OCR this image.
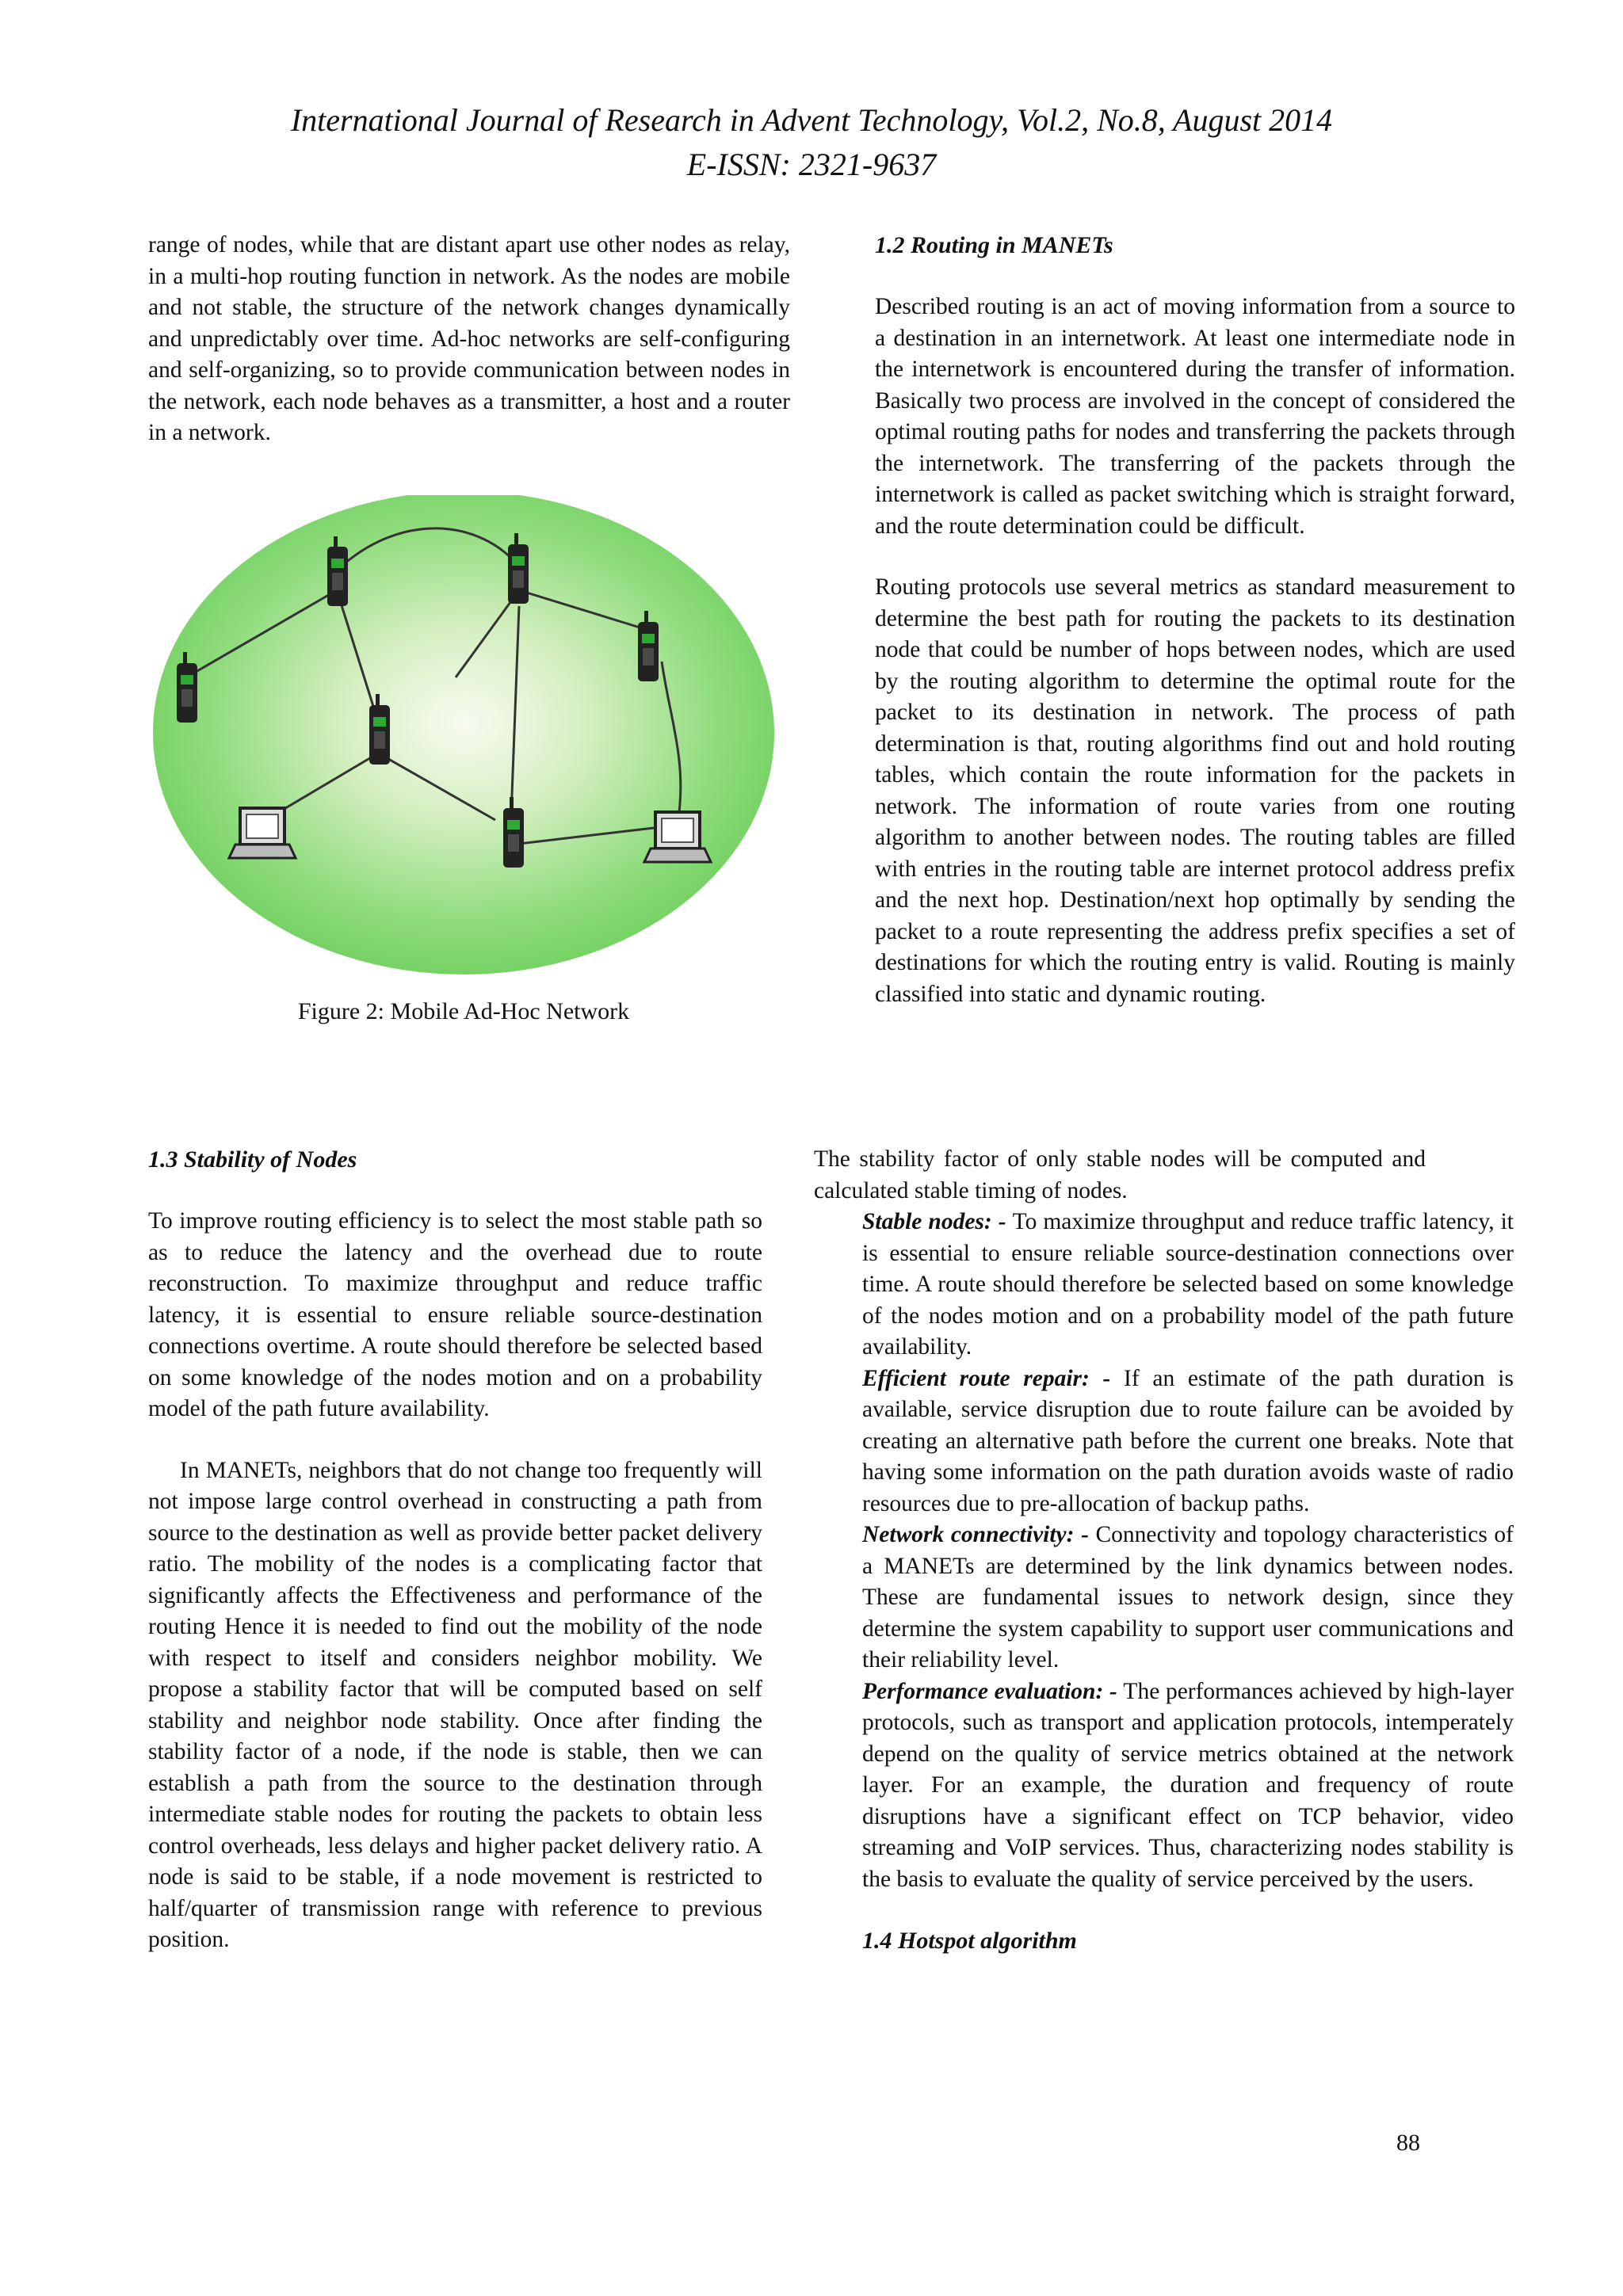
International Journal of Research in Advent Technology, Vol.2, No.8, August 2014
E-ISSN: 2321-9637

range of nodes, while that are distant apart use other nodes as relay, in a multi-hop routing function in network. As the nodes are mobile and not stable, the structure of the network changes dynamically and unpredictably over time. Ad-hoc networks are self-configuring and self-organizing, so to provide communication between nodes in the network, each node behaves as a transmitter, a host and a router in a network.

Figure 2: Mobile Ad-Hoc Network

1.3 Stability of Nodes

To improve routing efficiency is to select the most stable path so as to reduce the latency and the overhead due to route reconstruction. To maximize throughput and reduce traffic latency, it is essential to ensure reliable source-destination connections overtime. A route should therefore be selected based on some knowledge of the nodes motion and on a probability model of the path future availability.

In MANETs, neighbors that do not change too frequently will not impose large control overhead in constructing a path from source to the destination as well as provide better packet delivery ratio. The mobility of the nodes is a complicating factor that significantly affects the Effectiveness and performance of the routing Hence it is needed to find out the mobility of the node with respect to itself and considers neighbor mobility. We propose a stability factor that will be computed based on self stability and neighbor node stability. Once after finding the stability factor of a node, if the node is stable, then we can establish a path from the source to the destination through intermediate stable nodes for routing the packets to obtain less control overheads, less delays and higher packet delivery ratio. A node is said to be stable, if a node movement is restricted to half/quarter of transmission range with reference to previous position.

1.2 Routing in MANETs

Described routing is an act of moving information from a source to a destination in an internetwork. At least one intermediate node in the internetwork is encountered during the transfer of information. Basically two process are involved in the concept of considered the optimal routing paths for nodes and transferring the packets through the internetwork. The transferring of the packets through the internetwork is called as packet switching which is straight forward, and the route determination could be difficult.

Routing protocols use several metrics as standard measurement to determine the best path for routing the packets to its destination node that could be number of hops between nodes, which are used by the routing algorithm to determine the optimal route for the packet to its destination in network. The process of path determination is that, routing algorithms find out and hold routing tables, which contain the route information for the packets in network. The information of route varies from one routing algorithm to another between nodes. The routing tables are filled with entries in the routing table are internet protocol address prefix and the next hop. Destination/next hop optimally by sending the packet to a route representing the address prefix specifies a set of destinations for which the routing entry is valid. Routing is mainly classified into static and dynamic routing.

The stability factor of only stable nodes will be computed and calculated stable timing of nodes.

Stable nodes: - To maximize throughput and reduce traffic latency, it is essential to ensure reliable source-destination connections over time. A route should therefore be selected based on some knowledge of the nodes motion and on a probability model of the path future availability.

Efficient route repair: - If an estimate of the path duration is available, service disruption due to route failure can be avoided by creating an alternative path before the current one breaks. Note that having some information on the path duration avoids waste of radio resources due to pre-allocation of backup paths.

Network connectivity: - Connectivity and topology characteristics of a MANETs are determined by the link dynamics between nodes. These are fundamental issues to network design, since they determine the system capability to support user communications and their reliability level.

Performance evaluation: - The performances achieved by high-layer protocols, such as transport and application protocols, intemperately depend on the quality of service metrics obtained at the network layer. For an example, the duration and frequency of route disruptions have a significant effect on TCP behavior, video streaming and VoIP services. Thus, characterizing nodes stability is the basis to evaluate the quality of service perceived by the users.

1.4 Hotspot algorithm

88
